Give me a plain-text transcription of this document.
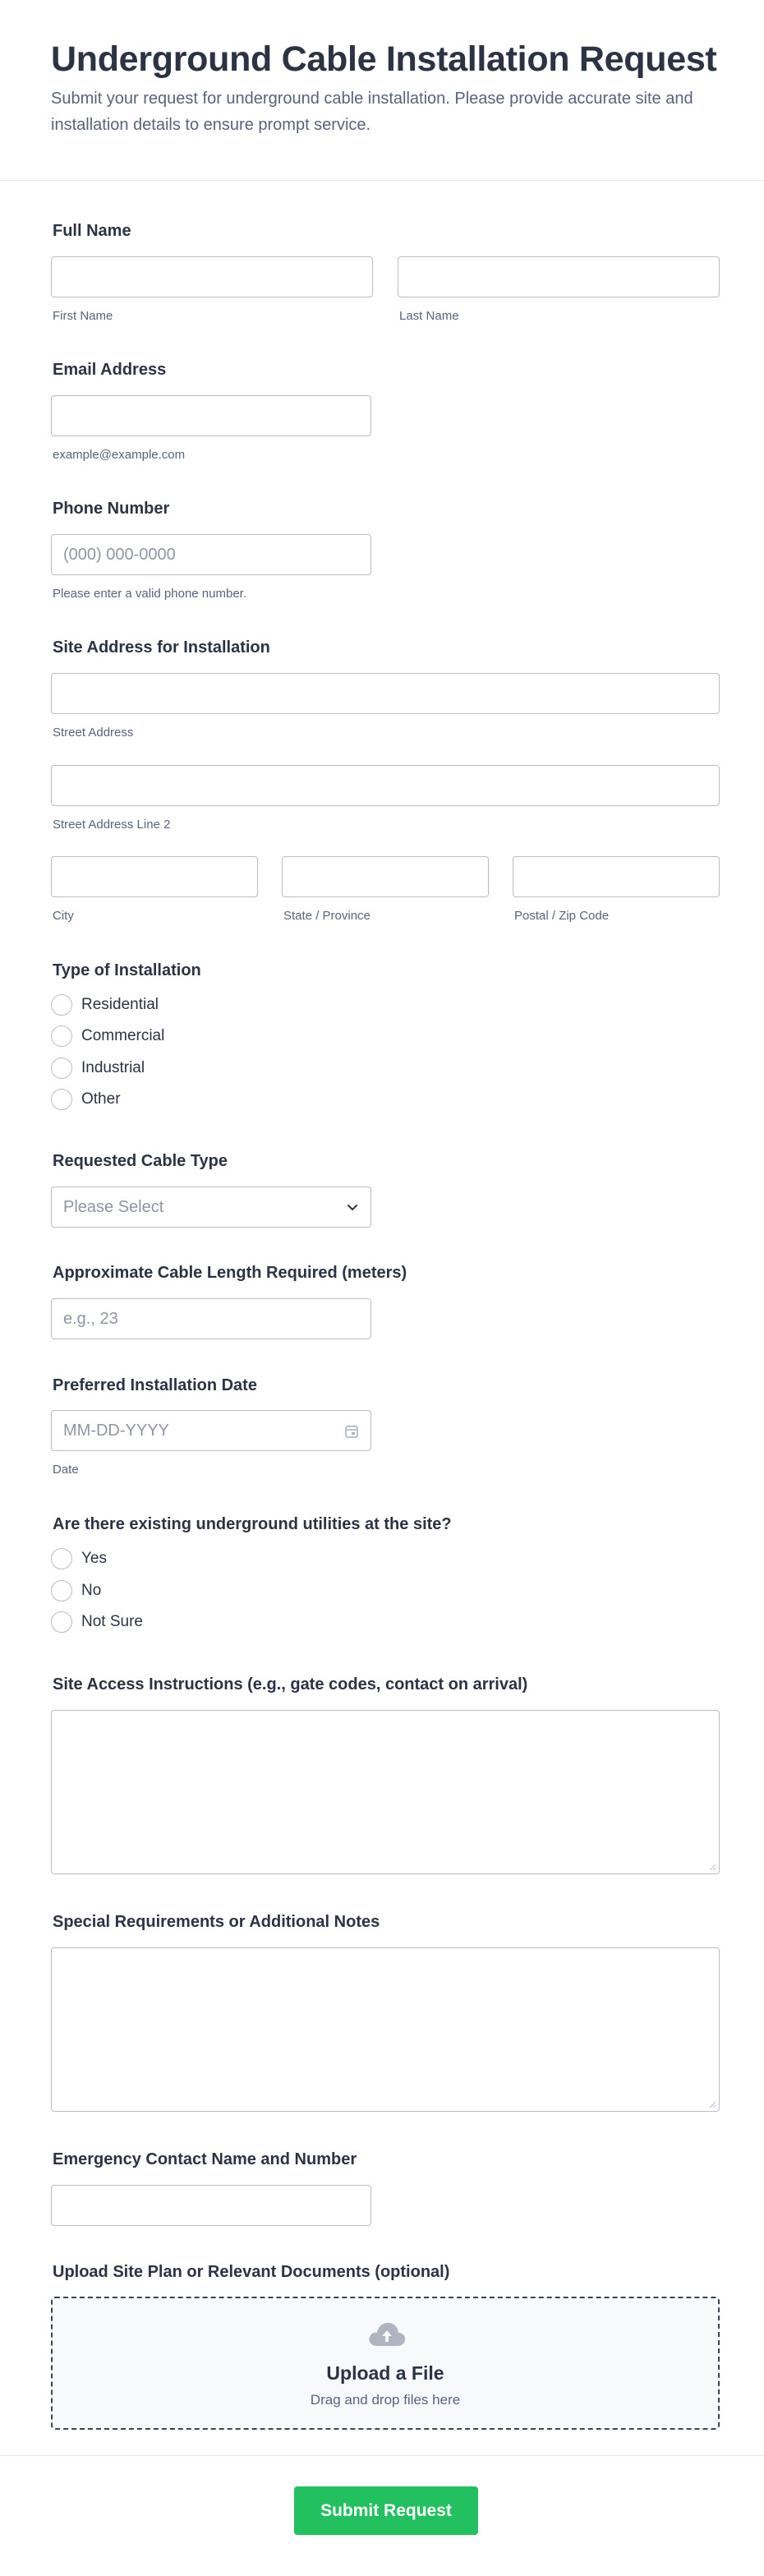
Underground Cable Installation Request
Submit your request for underground cable installation. Please provide accurate site and installation details to ensure prompt service.
Full Name
First Name	Last Name
Email Address
example@example.com
Phone Number
(000) 000-0000
Please enter a valid phone number.
Site Address for Installation
Street Address
Street Address Line 2
City	State / Province	Postal / Zip Code
Type of Installation
Residential
Commercial
Industrial
Other
Requested Cable Type
Please Select
Approximate Cable Length Required (meters)
e.g., 23
Preferred Installation Date
MM-DD-YYYY
Date
Are there existing underground utilities at the site?
Yes
No
Not Sure
Site Access Instructions (e.g., gate codes, contact on arrival)
Special Requirements or Additional Notes
Emergency Contact Name and Number
Upload Site Plan or Relevant Documents (optional)
Upload a File
Drag and drop files here
Submit Request
